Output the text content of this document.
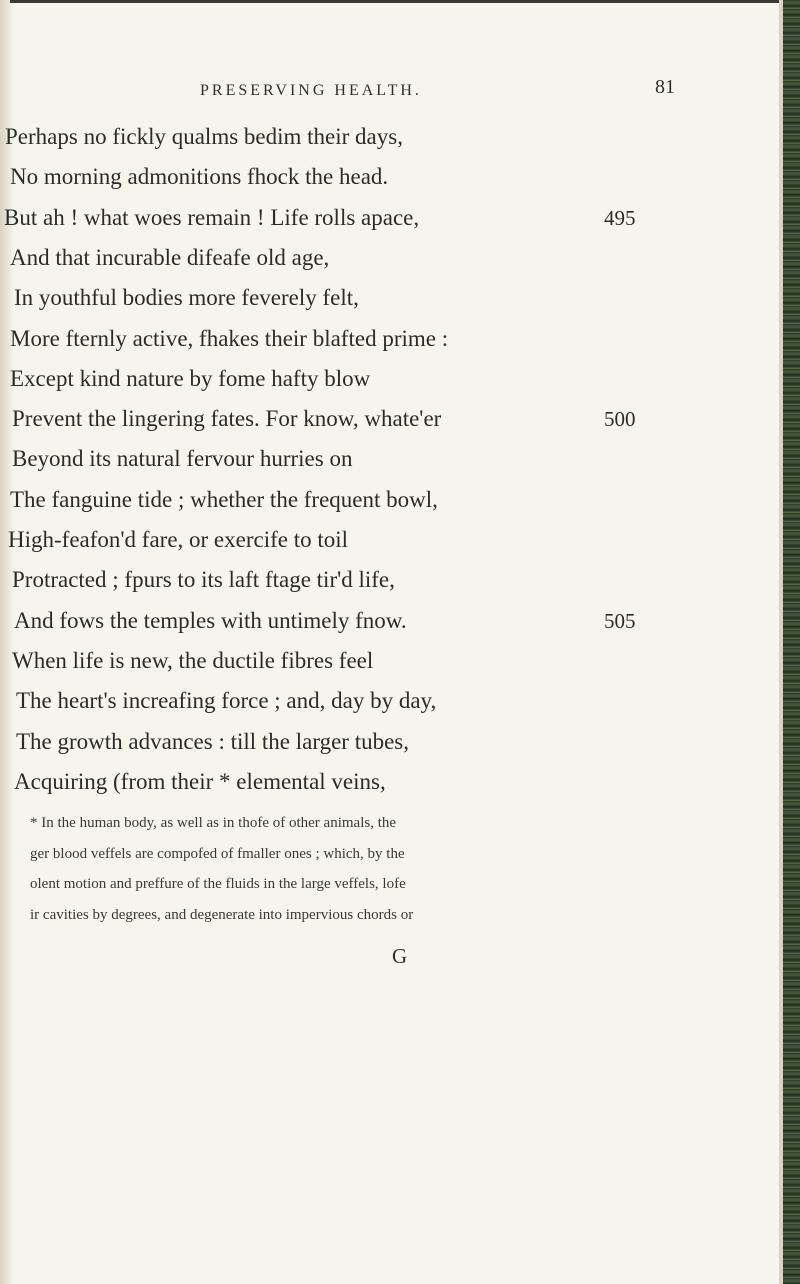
PRESERVING HEALTH.	81
Perhaps no fickly qualms bedim their days,
No morning admonitions fhock the head.
But ah ! what woes remain ! Life rolls apace,	495
And that incurable difeafe old age,
In youthful bodies more feverely felt,
More fternly active, fhakes their blafted prime :
Except kind nature by fome hafty blow
Prevent the lingering fates. For know, whate'er	500
Beyond its natural fervour hurries on
The fanguine tide ; whether the frequent bowl,
High-feafon'd fare, or exercife to toil
Protracted ; fpurs to its laft ftage tir'd life,
And fows the temples with untimely fnow.	505
When life is new, the ductile fibres feel
The heart's increafing force ; and, day by day,
The growth advances : till the larger tubes,
Acquiring (from their * elemental veins,
* In the human body, as well as in thofe of other animals, the
ger blood veffels are compofed of fmaller ones ; which, by the
olent motion and preffure of the fluids in the large veffels, lofe
ir cavities by degrees, and degenerate into impervious chords or
G
